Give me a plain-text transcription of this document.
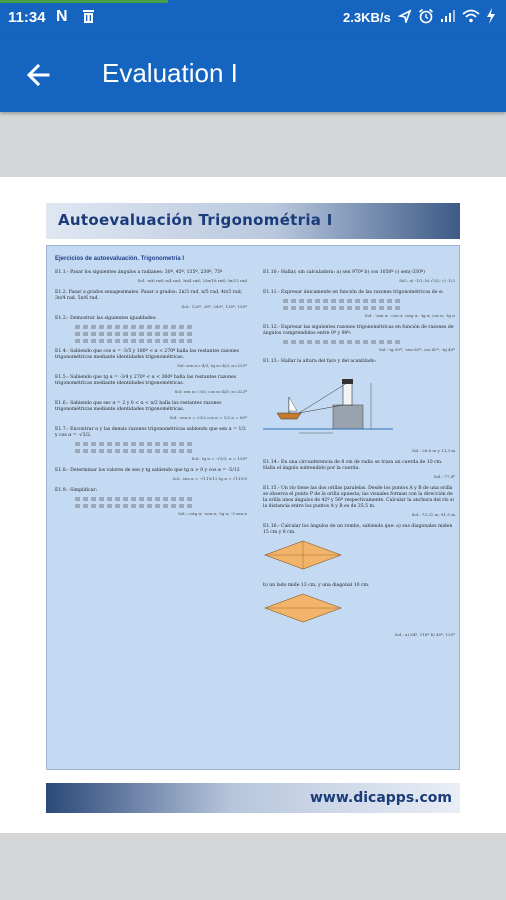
11:34 N	2.3KB/s
Evaluation I
Autoevaluación Trigonométria I
Ejercicios de autoevaluación. Trigonometría I
E1.1.- Pasar los siguientes ángulos a radianes: 30º, 45º, 135º, 230º, 75º
Sol.: π/6 rad; π/4 rad; 3π/4 rad; 23π/18 rad; 5π/12 rad
E1.2. Pasar a grados sexagesimales. Pasar a grados: 2π/3 rad, π/5 rad, 4π/3 rad, 3π/4 rad, 5π/6 rad.
Sol.: 120º, 36º, 240º, 135º, 150º
E1.3.- Demostrar las siguientes igualdades:
E1.4.- Sabiendo que cos α = -3/5 y 180º < α < 270º halla las restantes razones trigonométricas mediante identidades trigonométricas.
Sol: sen α=-4/5; tg α=4/3; α=233º
E1.5.- Sabiendo que tg α = -3/4 y 270º < α < 360º halla las restantes razones trigonométricas mediante identidades trigonométricas.
Sol: sen α=-3/5; cos α=4/5; α=323º
E1.6.- Sabiendo que sec α = 2 y 0 < α < π/2 halla las restantes razones trigonométricas mediante identidades trigonométricas.
Sol.: sen α = √3/2 cos α = 1/2 α = 60º
E1.7.- Encontrar α y las demás razones trigonométricas sabiendo que sen α = 1/2 y cos α = -√3/2.
Sol.: tg α = -√3/3; α = 150º
E1.8.- Determinar los valores de sen y tg sabiendo que tg α > 0 y cos α = -5/12
Sol.: sen α = -√119/12 tg α = √119/5
E1.9.- Simplificar:
Sol.: cotg α; -sen α; -tg α; -3 sen α
E1.10.- Hallar, sin calculadora: a) sen 970º b) cos 1050º c) sen(-330º)
Sol.: a) -1/2; b) √3/2; c) -1/2
E1.11.- Expresar únicamente en función de las razones trigonométricas de α:
Sol.: -sen α; -cos α; cotg α; -tg α; cos α; -tg α
E1.12.- Expresar las siguientes razones trigonométricas en función de razones de ángulos comprendidos entre 0º y 90º:
Sol.: tg 50º; -sen 60º; cos 45º; -tg 40º
E1.13.- Hallar la altura del faro y del acantilado:
Sol.: 28,6 m y 13,3 m
E1.14.- En una circunferencia de 8 cm de radio se traza un cuerda de 10 cm. Halla el ángulo subtendido por la cuerda.
Sol.: 77,4º
E1.15.- Un río tiene las dos orillas paralelas. Desde los puntos A y B de una orilla se observa el punto P de la orilla opuesta; las visuales forman con la dirección de la orilla unos ángulos de 42º y 56º respectivamente. Calcular la anchura del río si la distancia entre los puntos A y B es de 35,5 m.
Sol.: 73,21 m; 81,5 m
E1.16.- Calcular los ángulos de un rombo, sabiendo que: a) sus diagonales miden 15 cm y 8 cm.
b) un lado mide 13 cm, y una diagonal 10 cm.
Sol.: a) 64º, 116º b) 45º, 135º
www.dicapps.com
